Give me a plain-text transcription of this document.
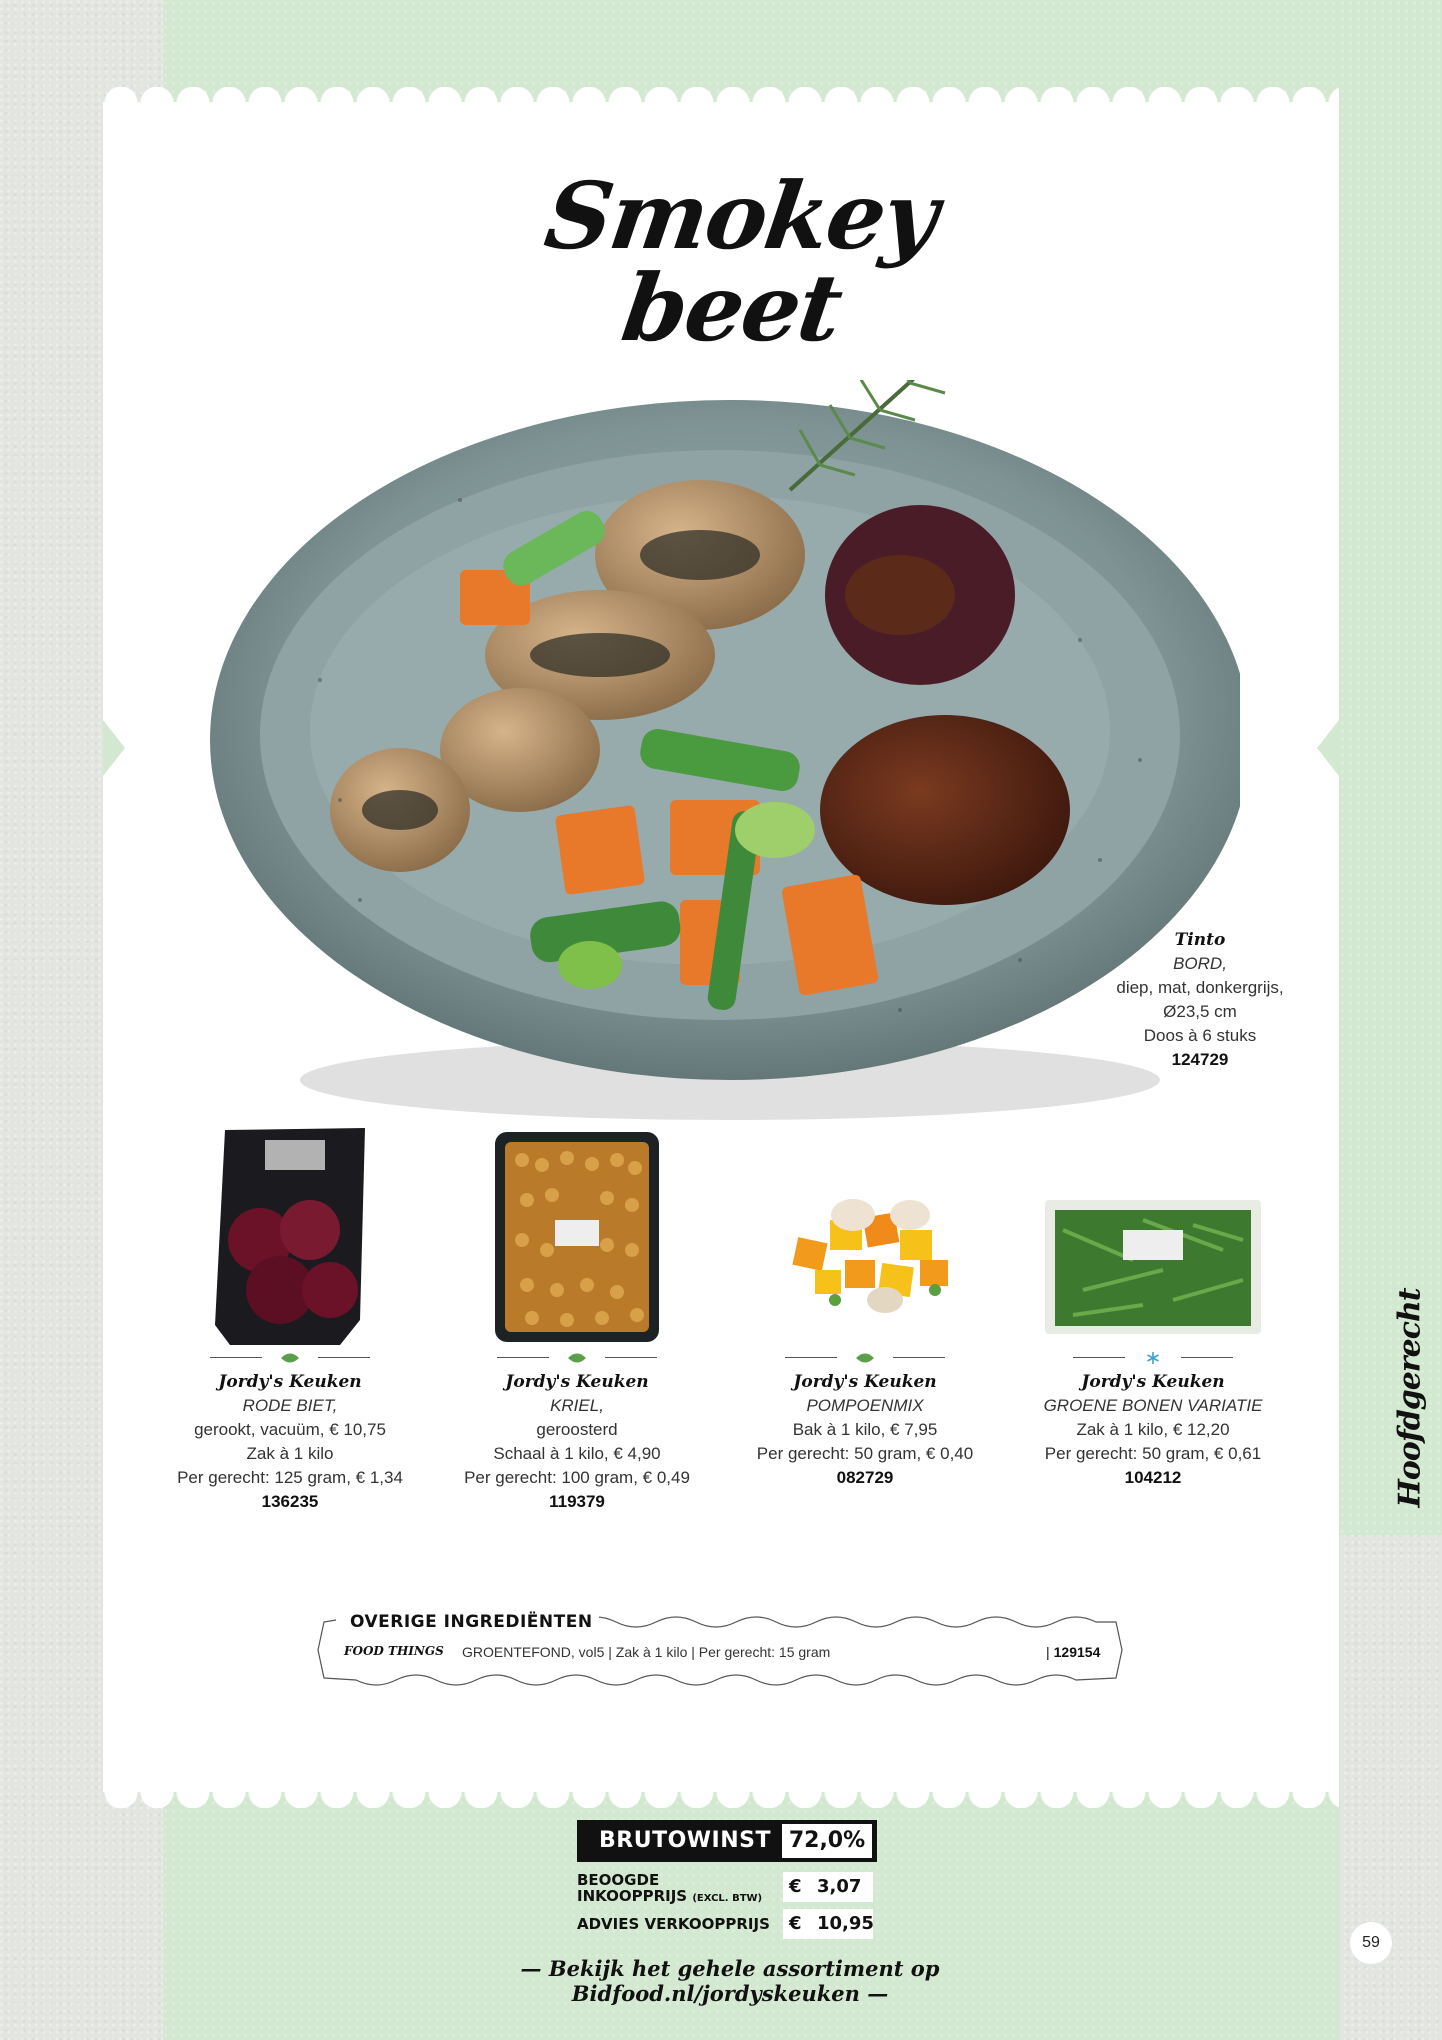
Smokey
beet
Tinto
BORD,
diep, mat, donkergrijs,
Ø23,5 cm
Doos à 6 stuks
124729
Jordy's Keuken
RODE BIET,
gerookt, vacuüm, € 10,75
Zak à 1 kilo
Per gerecht: 125 gram, € 1,34
136235
Jordy's Keuken
KRIEL,
geroosterd
Schaal à 1 kilo, € 4,90
Per gerecht: 100 gram, € 0,49
119379
Jordy's Keuken
POMPOENMIX
Bak à 1 kilo, € 7,95
Per gerecht: 50 gram, € 0,40
082729
Jordy's Keuken
GROENE BONEN VARIATIE
Zak à 1 kilo, € 12,20
Per gerecht: 50 gram, € 0,61
104212	Hoofdgerecht
OVERIGE INGREDIËNTEN
FOOD THINGS GROENTEFOND, vol5 | Zak à 1 kilo | Per gerecht: 15 gram	| 129154
BRUTOWINST 72,0%
BEOOGDE
INKOOPPRIJS (EXCL. BTW)
€ 3,07
ADVIES VERKOOPPRIJS € 10,95
— Bekijk het gehele assortiment op Bidfood.nl/jordyskeuken —
59
